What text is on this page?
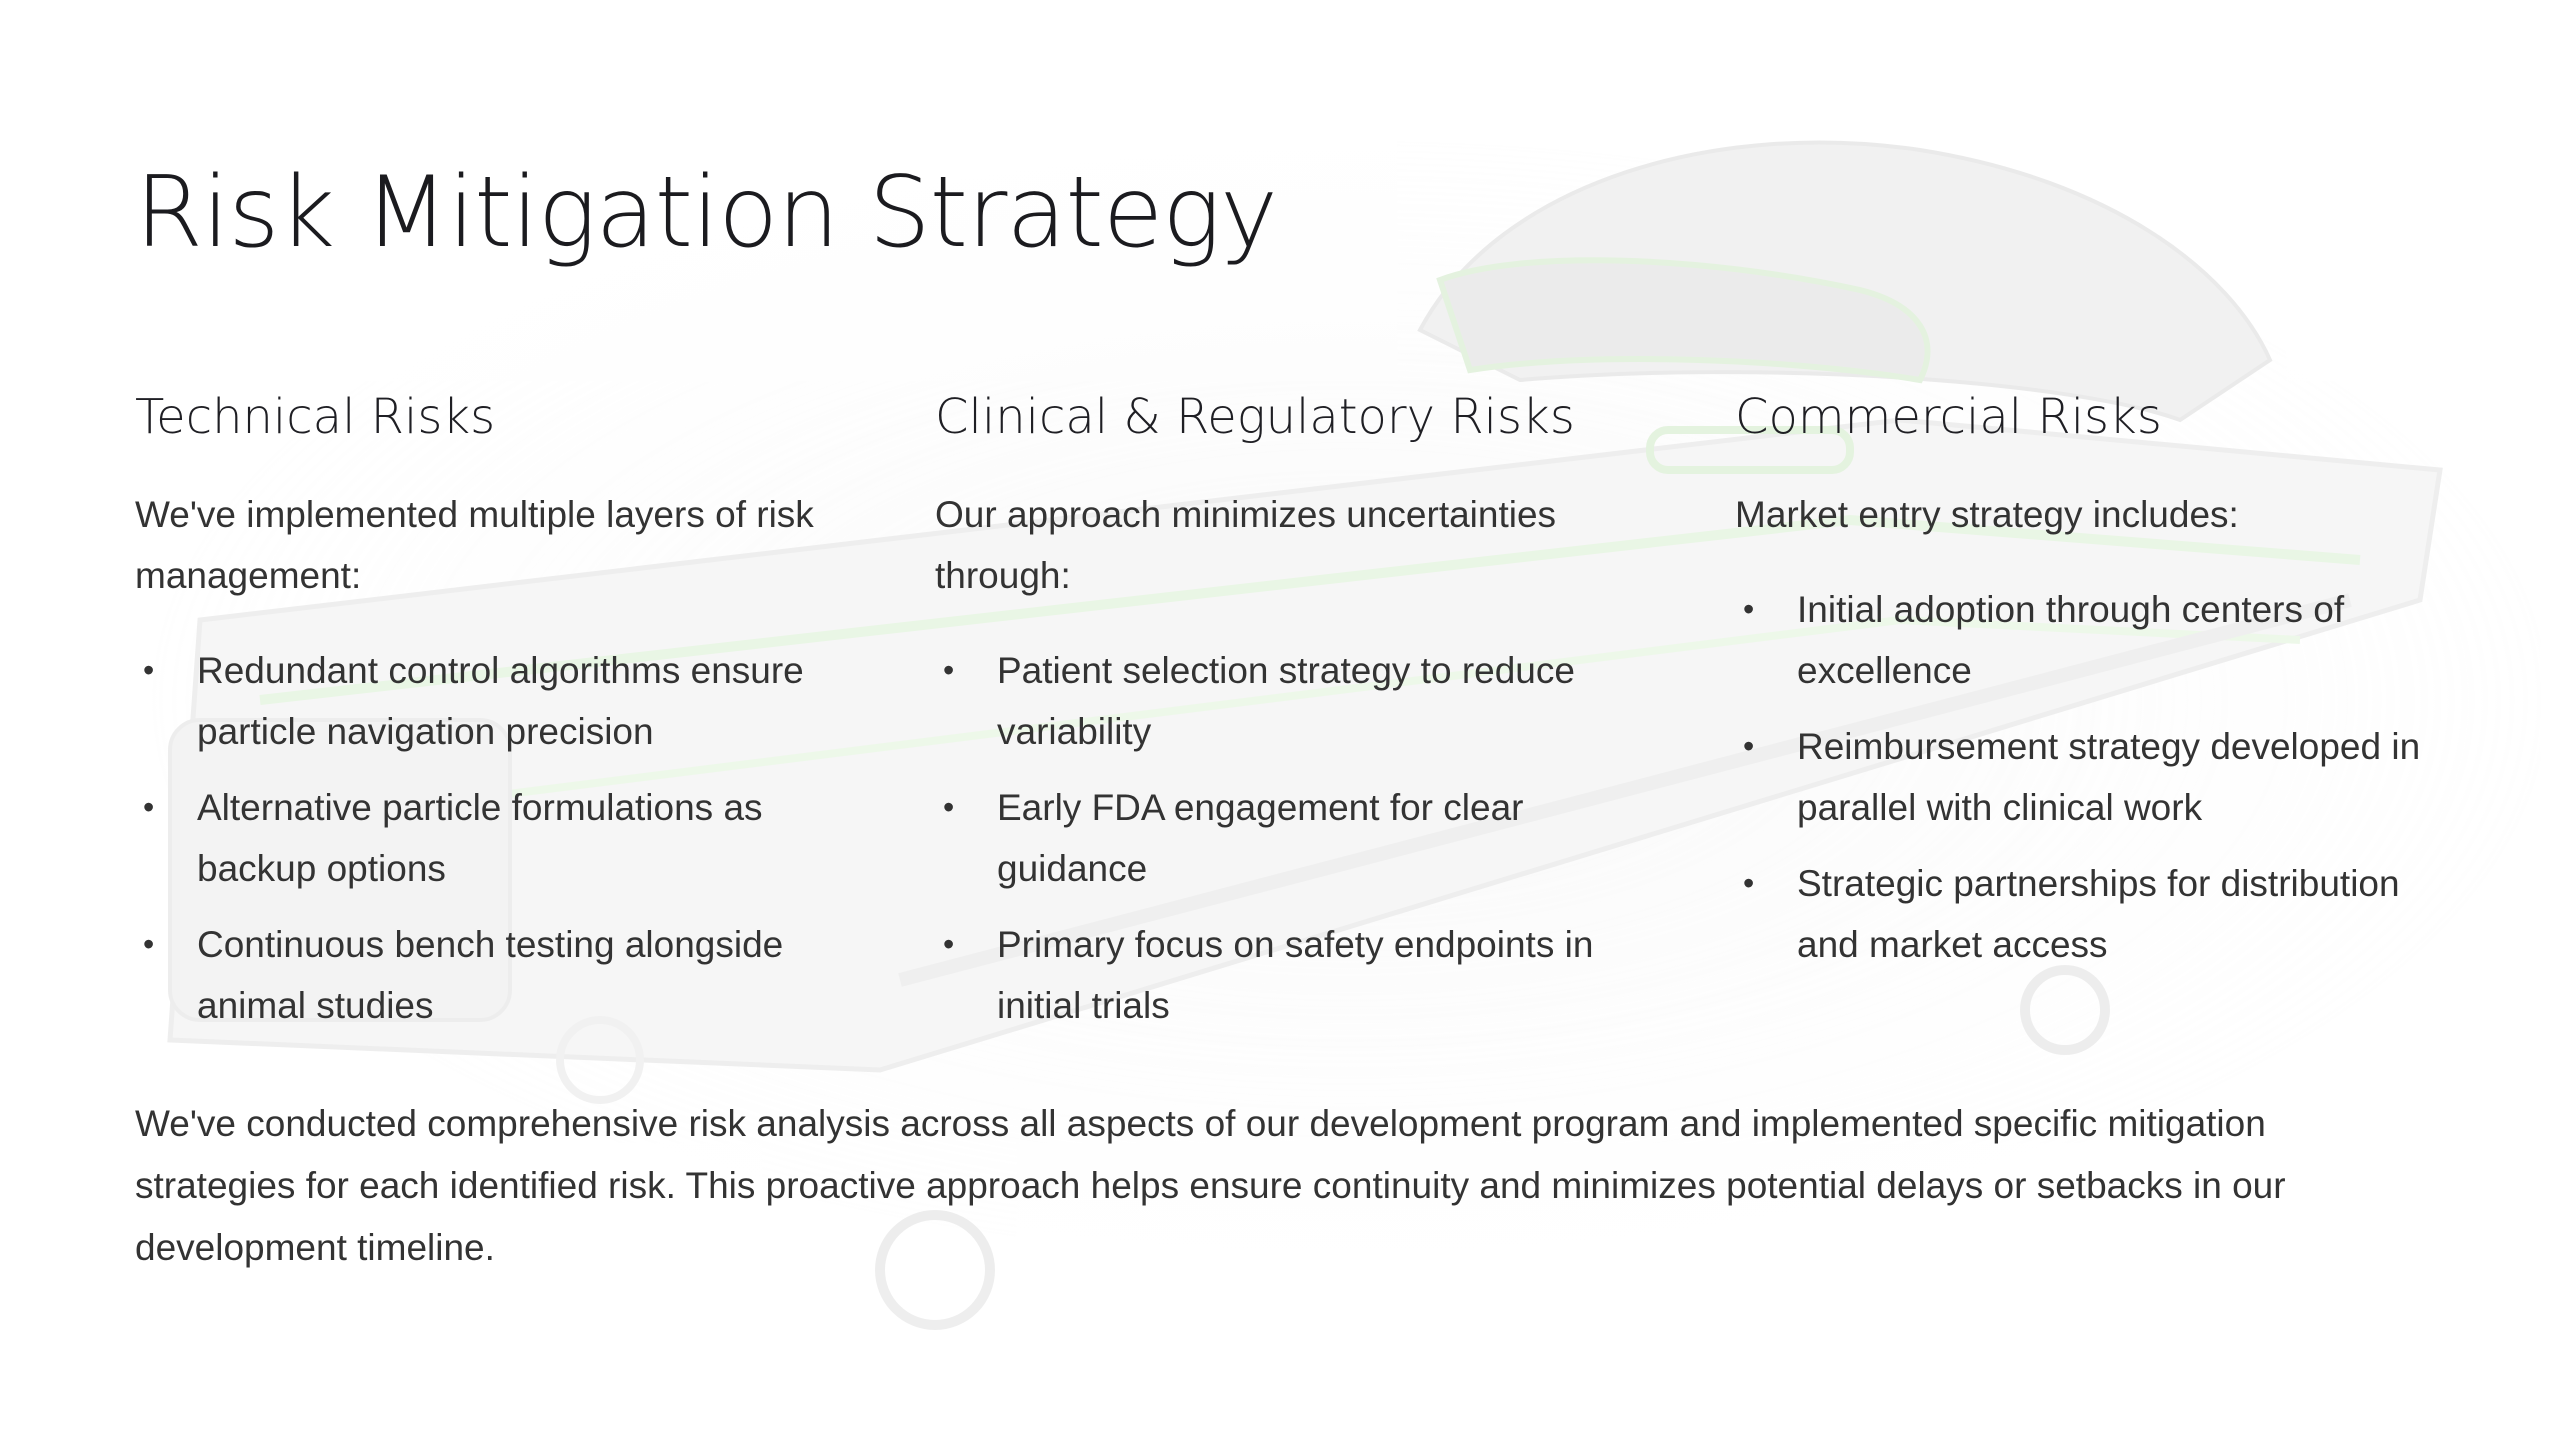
Risk Mitigation Strategy
Technical Risks

We've implemented multiple layers of risk management:

• Redundant control algorithms ensure particle navigation precision
• Alternative particle formulations as backup options
• Continuous bench testing alongside animal studies
Clinical & Regulatory Risks

Our approach minimizes uncertainties through:

• Patient selection strategy to reduce variability
• Early FDA engagement for clear guidance
• Primary focus on safety endpoints in initial trials
Commercial Risks

Market entry strategy includes:

• Initial adoption through centers of excellence
• Reimbursement strategy developed in parallel with clinical work
• Strategic partnerships for distribution and market access

We've conducted comprehensive risk analysis across all aspects of our development program and implemented specific mitigation strategies for each identified risk. This proactive approach helps ensure continuity and minimizes potential delays or setbacks in our development timeline.
